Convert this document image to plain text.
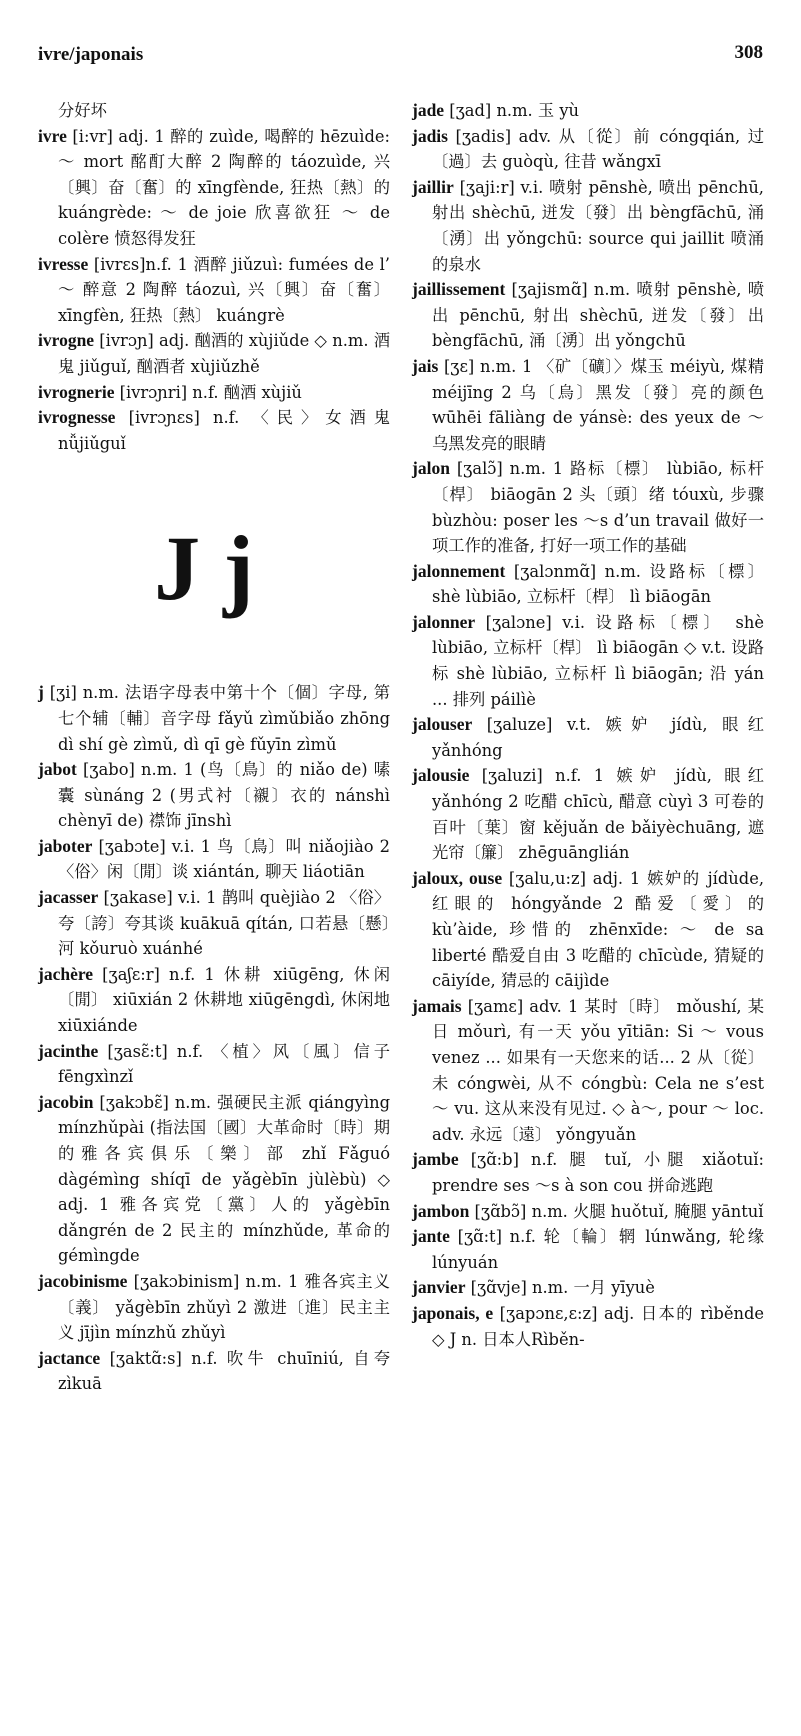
ivre/japonais	308

分好坏

ivre [i:vr] adj. 1 醉的 zuìde, 喝醉的 hēzuìde: ～ mort 酩酊大醉 2 陶醉的 táozuìde, 兴〔興〕奋〔奮〕的 xīngfènde, 狂热〔熱〕的 kuángrède: ～ de joie 欣喜欲狂 ～ de colère 愤怒得发狂

ivresse [ivrɛs]n.f. 1 酒醉 jiǔzuì: fumées de l’ ～ 醉意 2 陶醉 táozuì, 兴〔興〕奋〔奮〕 xīngfèn, 狂热〔熱〕 kuángrè

ivrogne [ivrɔɲ] adj. 酗酒的 xùjiǔde ◇ n.m. 酒鬼 jiǔguǐ, 酗酒者 xùjiǔzhě

ivrognerie [ivrɔɲri] n.f. 酗酒 xùjiǔ

ivrognesse [ivrɔɲɛs] n.f. 〈民〉女酒鬼 nǚjiǔguǐ

J j

j [ʒi] n.m. 法语字母表中第十个〔個〕字母, 第七个辅〔輔〕音字母 fǎyǔ zìmǔbiǎo zhōng dì shí gè zìmǔ, dì qī gè fǔyīn zìmǔ

jabot [ʒabo] n.m. 1 (鸟〔鳥〕的 niǎo de) 嗉囊 sùnáng 2 (男式衬〔襯〕衣的 nánshì chènyī de) 襟饰 jīnshì

jaboter [ʒabɔte] v.i. 1 鸟〔鳥〕叫 niǎojiào 2 〈俗〉闲〔閒〕谈 xiántán, 聊天 liáotiān

jacasser [ʒakase] v.i. 1 鹊叫 quèjiào 2 〈俗〉夸〔誇〕夸其谈 kuākuā qítán, 口若悬〔懸〕河 kǒuruò xuánhé

jachère [ʒaʃɛ:r] n.f. 1 休耕 xiūgēng, 休闲〔閒〕 xiūxián 2 休耕地 xiūgēngdì, 休闲地 xiūxiándе

jacinthe [ʒasɛ̃:t] n.f. 〈植〉风〔風〕信子 fēngxìnzǐ

jacobin [ʒakɔbɛ̃] n.m. 强硬民主派 qiángyìng mínzhǔpài (指法国〔國〕大革命时〔時〕期的雅各宾俱乐〔樂〕部 zhǐ Fǎguó dàgémìng shíqī de yǎgèbīn jùlèbù) ◇ adj. 1 雅各宾党〔黨〕人的 yǎgèbīn dǎngrén de 2 民主的 mínzhǔde, 革命的 gémìngde

jacobinisme [ʒakɔbinism] n.m. 1 雅各宾主义〔義〕 yǎgèbīn zhǔyì 2 激进〔進〕民主主义 jījìn mínzhǔ zhǔyì

jactance [ʒaktɑ̃:s] n.f. 吹牛 chuīniú, 自夸 zìkuā

jade [ʒad] n.m. 玉 yù

jadis [ʒadis] adv. 从〔從〕前 cóngqián, 过〔過〕去 guòqù, 往昔 wǎngxī

jaillir [ʒaji:r] v.i. 喷射 pēnshè, 喷出 pēnchū, 射出 shèchū, 迸发〔發〕出 bèngfāchū, 涌〔湧〕出 yǒngchū: source qui jaillit 喷涌的泉水

jaillissement [ʒajismɑ̃] n.m. 喷射 pēnshè, 喷出 pēnchū, 射出 shèchū, 迸发〔發〕出 bèngfāchū, 涌〔湧〕出 yǒngchū

jais [ʒɛ] n.m. 1 〈矿〔礦〕〉煤玉 méiyù, 煤精 méijīng 2 乌〔烏〕黑发〔發〕亮的颜色 wūhēi fāliàng de yánsè: des yeux de ～ 乌黑发亮的眼睛

jalon [ʒalɔ̃] n.m. 1 路标〔標〕 lùbiāo, 标杆〔桿〕 biāogān 2 头〔頭〕绪 tóuxù, 步骤 bùzhòu: poser les ～s d’un travail 做好一项工作的准备, 打好一项工作的基础

jalonnement [ʒalɔnmɑ̃] n.m. 设路标〔標〕 shè lùbiāo, 立标杆〔桿〕 lì biāogān

jalonner [ʒalɔne] v.i. 设路标〔標〕 shè lùbiāo, 立标杆〔桿〕 lì biāogān ◇ v.t. 设路标 shè lùbiāo, 立标杆 lì biāogān; 沿 yán ... 排列 páilìè

jalouser [ʒaluze] v.t. 嫉妒 jídù, 眼红 yǎnhóng

jalousie [ʒaluzi] n.f. 1 嫉妒 jídù, 眼红 yǎnhóng 2 吃醋 chīcù, 醋意 cùyì 3 可卷的百叶〔葉〕窗 kějuǎn de bǎiyèchuāng, 遮光帘〔簾〕 zhēguānglián

jaloux, ouse [ʒalu,u:z] adj. 1 嫉妒的 jídùde, 红眼的 hóngyǎnde 2 酷爱〔愛〕的 kù’àide, 珍惜的 zhēnxīde: ～ de sa liberté 酷爱自由 3 吃醋的 chīcùde, 猜疑的 cāiyíde, 猜忌的 cāijìde

jamais [ʒamɛ] adv. 1 某时〔時〕 mǒushí, 某日 mǒurì, 有一天 yǒu yītiān: Si ～ vous venez ... 如果有一天您来的话... 2 从〔從〕未 cóngwèi, 从不 cóngbù: Cela ne s’est ～ vu. 这从来没有见过. ◇ à～, pour ～ loc. adv. 永远〔遠〕 yǒngyuǎn

jambe [ʒɑ̃:b] n.f. 腿 tuǐ, 小腿 xiǎotuǐ: prendre ses ～s à son cou 拼命逃跑

jambon [ʒɑ̃bɔ̃] n.m. 火腿 huǒtuǐ, 腌腿 yāntuǐ

jante [ʒɑ̃:t] n.f. 轮〔輪〕辋 lúnwǎng, 轮缘 lúnyuán

janvier [ʒɑ̃vje] n.m. 一月 yīyuè

japonais, e [ʒapɔnɛ,ɛ:z] adj. 日本的 rìběnde ◇ J n. 日本人Rìběn-
